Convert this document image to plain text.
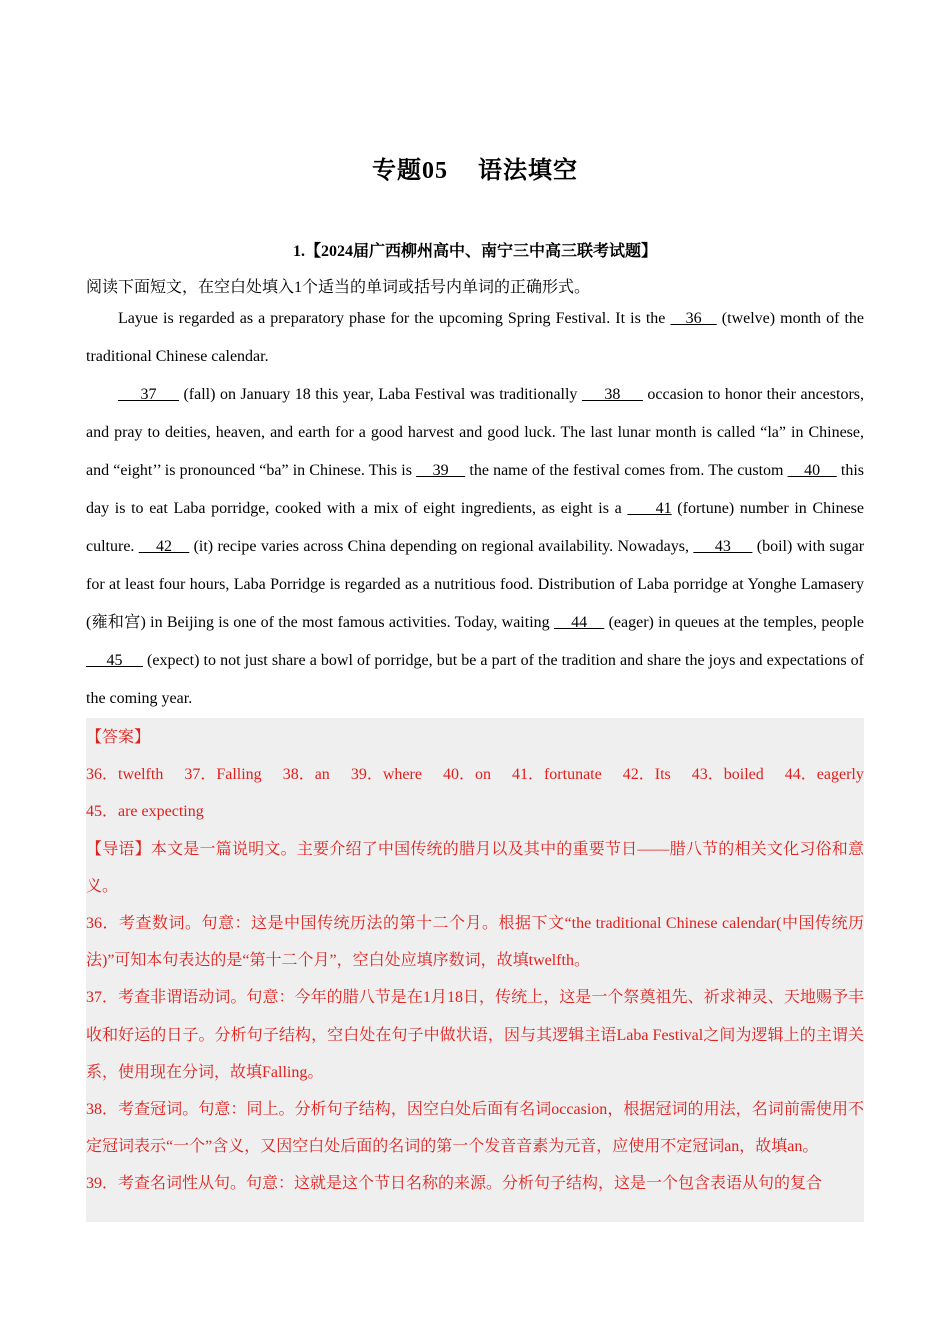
专题05 语法填空
1.【2024届广西柳州高中、南宁三中高三联考试题】
阅读下面短文，在空白处填入1个适当的单词或括号内单词的正确形式。

Layue is regarded as a preparatory phase for the upcoming Spring Festival. It is the    36    (twelve) month of the traditional Chinese calendar.

37      (fall) on January 18 this year, Laba Festival was traditionally      38      occasion to honor their ancestors, and pray to deities, heaven, and earth for a good harvest and good luck. The last lunar month is called “la” in Chinese, and “eight’’ is pronounced “ba” in Chinese. This is     39     the name of the festival comes from. The custom     40     this day is to eat Laba porridge, cooked with a mix of eight ingredients, as eight is a      41 (fortune) number in Chinese culture.     42     (it) recipe varies across China depending on regional availability. Nowadays,      43      (boil) with sugar for at least four hours, Laba Porridge is regarded as a nutritious food. Distribution of Laba porridge at Yonghe Lamasery (雍和宫) in Beijing is one of the most famous activities. Today, waiting     44     (eager) in queues at the temples, people      45      (expect) to not just share a bowl of porridge, but be a part of the tradition and share the joys and expectations of the coming year.

【答案】

36．twelfth 37．Falling 38．an 39．where 40．on 41．fortunate 42．Its 43．boiled 44．eagerly
45．are expecting

【导语】本文是一篇说明文。主要介绍了中国传统的腊月以及其中的重要节日——腊八节的相关文化习俗和意义。

36．考查数词。句意：这是中国传统历法的第十二个月。根据下文“the traditional Chinese calendar(中国传统历法)”可知本句表达的是“第十二个月”，空白处应填序数词，故填twelfth。

37．考查非谓语动词。句意：今年的腊八节是在1月18日，传统上，这是一个祭奠祖先、祈求神灵、天地赐予丰收和好运的日子。分析句子结构，空白处在句子中做状语，因与其逻辑主语Laba Festival之间为逻辑上的主谓关系，使用现在分词，故填Falling。

38．考查冠词。句意：同上。分析句子结构，因空白处后面有名词occasion，根据冠词的用法，名词前需使用不定冠词表示“一个”含义，又因空白处后面的名词的第一个发音音素为元音，应使用不定冠词an，故填an。

39．考查名词性从句。句意：这就是这个节日名称的来源。分析句子结构，这是一个包含表语从句的复合
